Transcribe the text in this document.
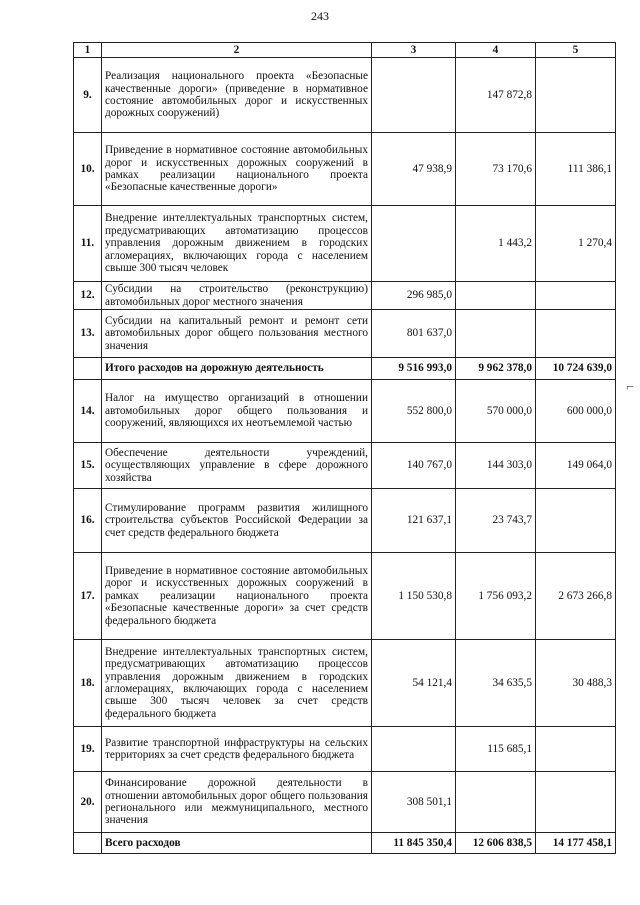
243
1	2	3	4	5
9.	Реализация национального проекта «Безопасные качественные дороги» (приведение в нормативное состояние автомобильных дорог и искусственных дорожных сооружений)		147 872,8	
10.	Приведение в нормативное состояние автомобильных дорог и искусственных дорожных сооружений в рамках реализации национального проекта «Безопасные качественные дороги»	47 938,9	73 170,6	111 386,1
11.	Внедрение интеллектуальных транспортных систем, предусматривающих автоматизацию процессов управления дорожным движением в городских агломерациях, включающих города с населением свыше 300 тысяч человек		1 443,2	1 270,4
12.	Субсидии на строительство (реконструкцию) автомобильных дорог местного значения	296 985,0		
13.	Субсидии на капитальный ремонт и ремонт сети автомобильных дорог общего пользования местного значения	801 637,0		
	Итого расходов на дорожную деятельность	9 516 993,0	9 962 378,0	10 724 639,0
14.	Налог на имущество организаций в отношении автомобильных дорог общего пользования и сооружений, являющихся их неотъемлемой частью	552 800,0	570 000,0	600 000,0
15.	Обеспечение деятельности учреждений, осуществляющих управление в сфере дорожного хозяйства	140 767,0	144 303,0	149 064,0
16.	Стимулирование программ развития жилищного строительства субъектов Российской Федерации за счет средств федерального бюджета	121 637,1	23 743,7	
17.	Приведение в нормативное состояние автомобильных дорог и искусственных дорожных сооружений в рамках реализации национального проекта «Безопасные качественные дороги» за счет средств федерального бюджета	1 150 530,8	1 756 093,2	2 673 266,8
18.	Внедрение интеллектуальных транспортных систем, предусматривающих автоматизацию процессов управления дорожным движением в городских агломерациях, включающих города с населением свыше 300 тысяч человек за счет средств федерального бюджета	54 121,4	34 635,5	30 488,3
19.	Развитие транспортной инфраструктуры на сельских территориях за счет средств федерального бюджета		115 685,1	
20.	Финансирование дорожной деятельности в отношении автомобильных дорог общего пользования регионального или межмуниципального, местного значения	308 501,1		
	Всего расходов	11 845 350,4	12 606 838,5	14 177 458,1
⌐
